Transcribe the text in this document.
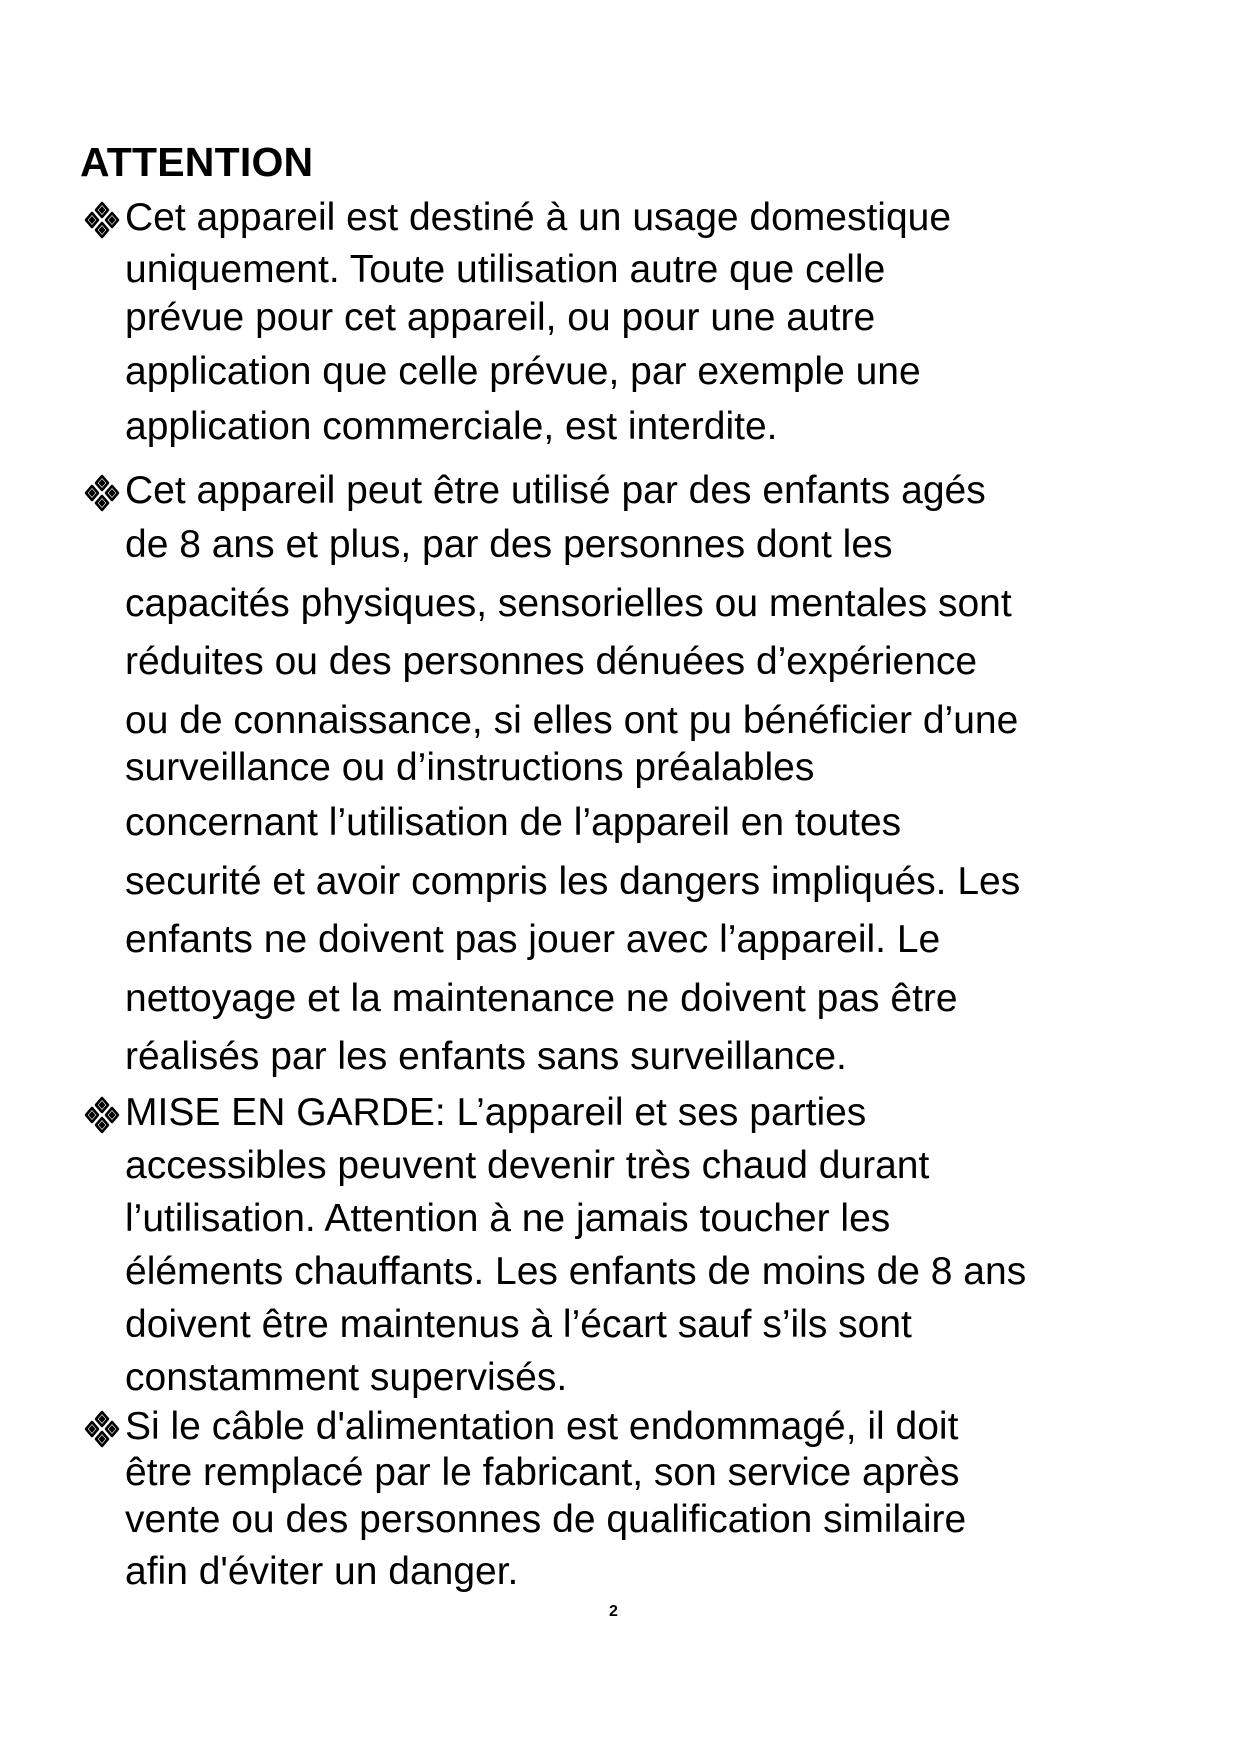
ATTENTION
Cet appareil est destiné à un usage domestique
uniquement. Toute utilisation autre que celle
prévue pour cet appareil, ou pour une autre
application que celle prévue, par exemple une
application commerciale, est interdite.
Cet appareil peut être utilisé par des enfants agés
de 8 ans et plus, par des personnes dont les
capacités physiques, sensorielles ou mentales sont
réduites ou des personnes dénuées d’expérience
ou de connaissance, si elles ont pu bénéficier d’une
surveillance ou d’instructions préalables
concernant l’utilisation de l’appareil en toutes
securité et avoir compris les dangers impliqués. Les
enfants ne doivent pas jouer avec l’appareil. Le
nettoyage et la maintenance ne doivent pas être
réalisés par les enfants sans surveillance.
MISE EN GARDE: L’appareil et ses parties
accessibles peuvent devenir très chaud durant
l’utilisation. Attention à ne jamais toucher les
éléments chauffants. Les enfants de moins de 8 ans
doivent être maintenus à l’écart sauf s’ils sont
constamment supervisés.
Si le câble d'alimentation est endommagé, il doit
être remplacé par le fabricant, son service après
vente ou des personnes de qualification similaire
afin d'éviter un danger.
2
